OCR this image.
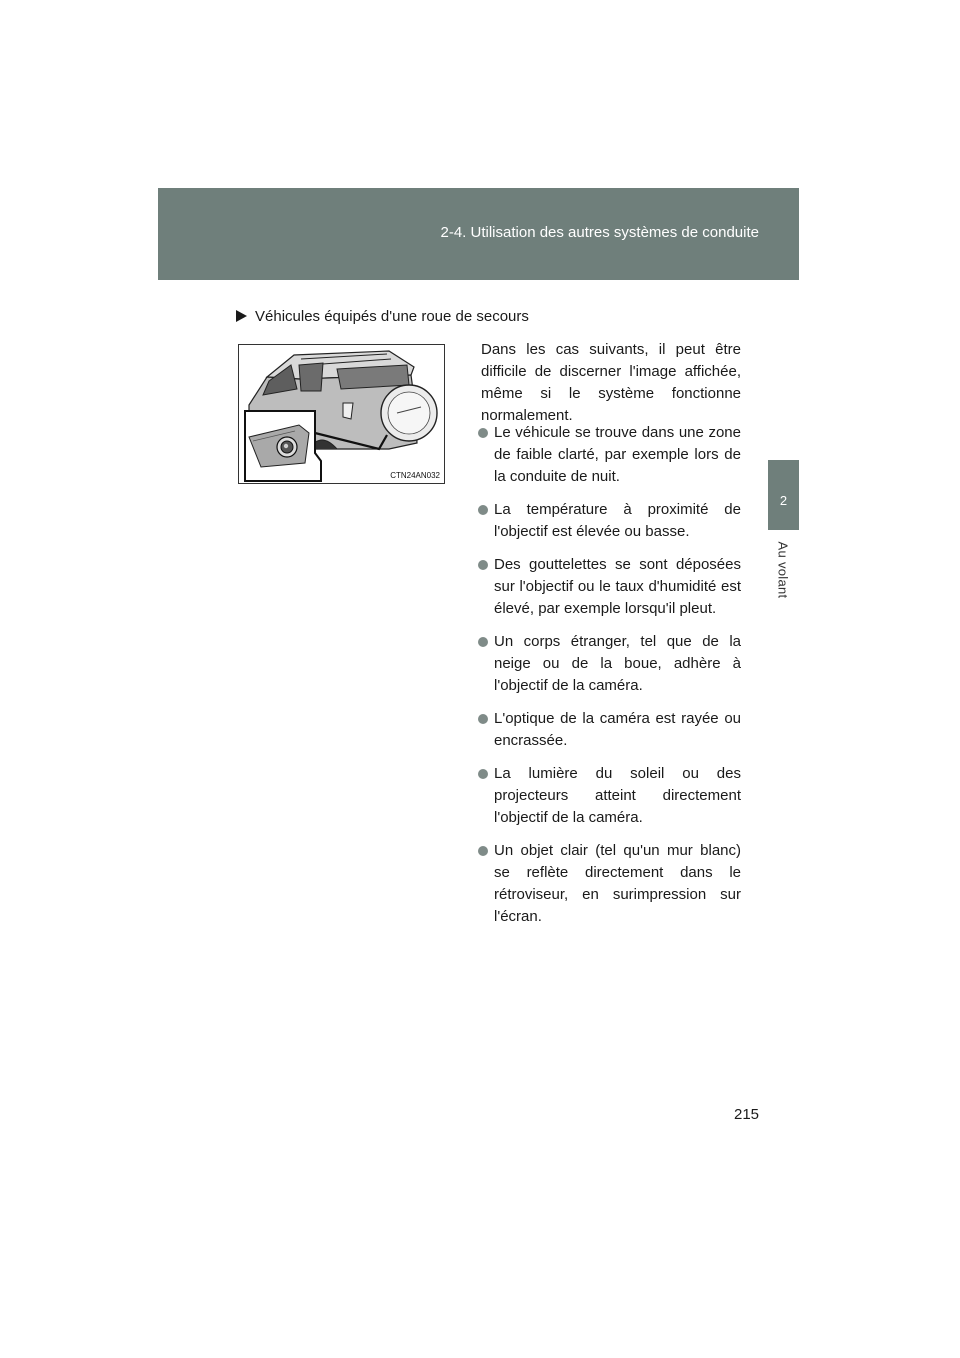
2-4. Utilisation des autres systèmes de conduite
2
Au volant
Véhicules équipés d'une roue de secours
CTN24AN032

Dans les cas suivants, il peut être difficile de discerner l'image affichée, même si le système fonctionne normalement.

Le véhicule se trouve dans une zone de faible clarté, par exemple lors de la conduite de nuit.
La température à proximité de l'objectif est élevée ou basse.
Des gouttelettes se sont déposées sur l'objectif ou le taux d'humidité est élevé, par exemple lorsqu'il pleut.
Un corps étranger, tel que de la neige ou de la boue, adhère à l'objectif de la caméra.
L'optique de la caméra est rayée ou encrassée.
La lumière du soleil ou des projecteurs atteint directement l'objectif de la caméra.
Un objet clair (tel qu'un mur blanc) se reflète directement dans le rétroviseur, en surimpression sur l'écran.
215
